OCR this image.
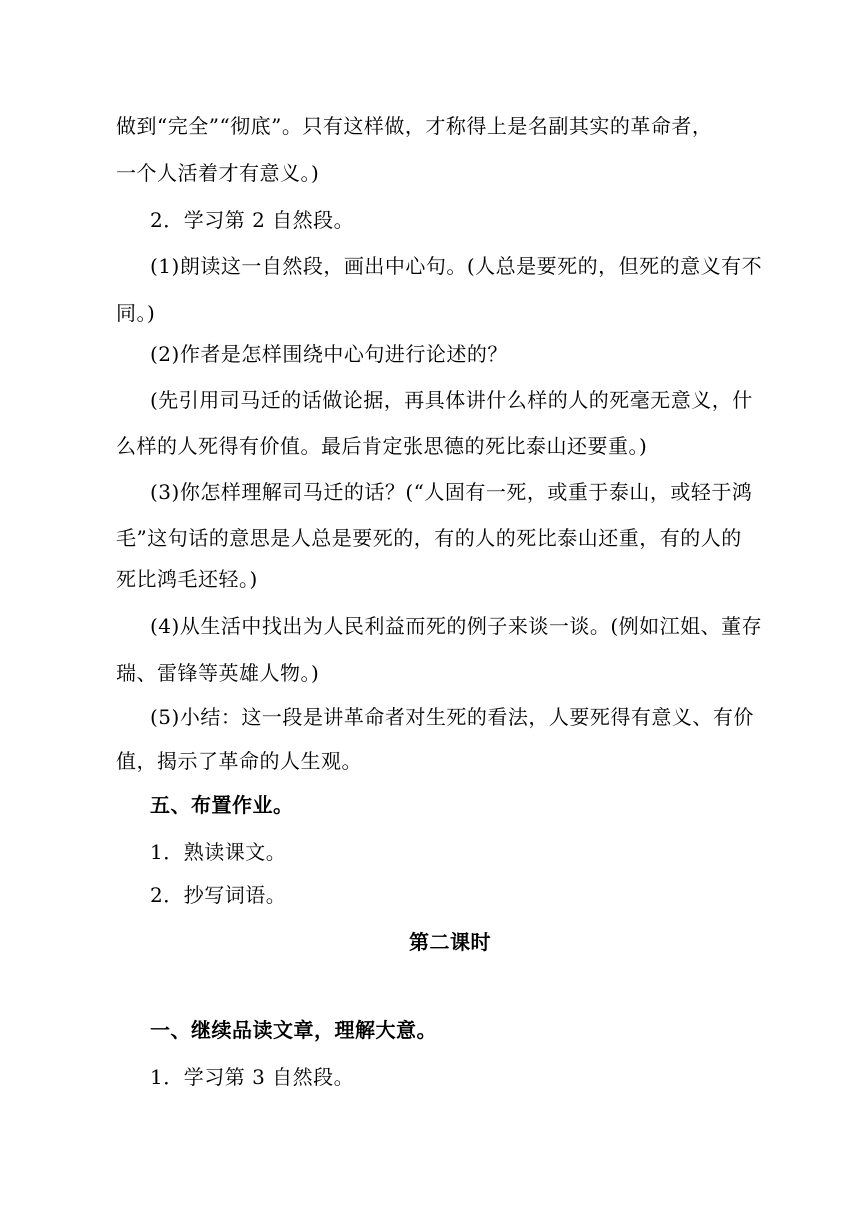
做到“完全”“彻底”。只有这样做，才称得上是名副其实的革命者，
一个人活着才有意义。)
2．学习第 2 自然段。
(1)朗读这一自然段，画出中心句。(人总是要死的，但死的意义有不
同。)
(2)作者是怎样围绕中心句进行论述的？
(先引用司马迁的话做论据，再具体讲什么样的人的死毫无意义，什
么样的人死得有价值。最后肯定张思德的死比泰山还要重。)
(3)你怎样理解司马迁的话？(“人固有一死，或重于泰山，或轻于鸿
毛”这句话的意思是人总是要死的，有的人的死比泰山还重，有的人的
死比鸿毛还轻。)
(4)从生活中找出为人民利益而死的例子来谈一谈。(例如江姐、董存
瑞、雷锋等英雄人物。)
(5)小结：这一段是讲革命者对生死的看法，人要死得有意义、有价
值，揭示了革命的人生观。
五、布置作业。
1．熟读课文。
2．抄写词语。
第二课时
一、继续品读文章，理解大意。
1．学习第 3 自然段。
